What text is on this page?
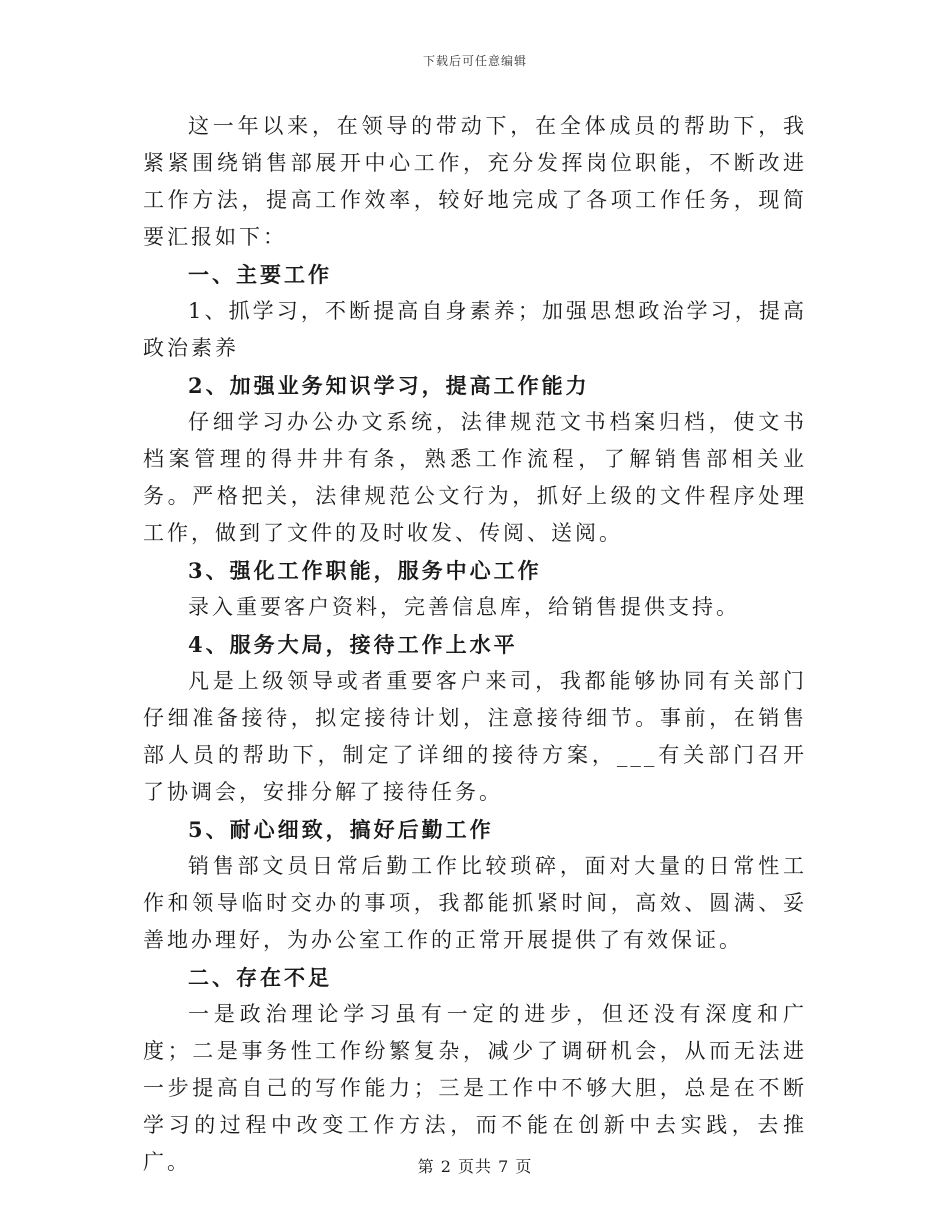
下载后可任意编辑

这一年以来，在领导的带动下，在全体成员的帮助下，我紧紧围绕销售部展开中心工作，充分发挥岗位职能，不断改进工作方法，提高工作效率，较好地完成了各项工作任务，现简要汇报如下：

一、主要工作

1、抓学习，不断提高自身素养；加强思想政治学习，提高政治素养

2、加强业务知识学习，提高工作能力

仔细学习办公办文系统，法律规范文书档案归档，使文书档案管理的得井井有条，熟悉工作流程，了解销售部相关业务。严格把关，法律规范公文行为，抓好上级的文件程序处理工作，做到了文件的及时收发、传阅、送阅。

3、强化工作职能，服务中心工作

录入重要客户资料，完善信息库，给销售提供支持。

4、服务大局，接待工作上水平

凡是上级领导或者重要客户来司，我都能够协同有关部门仔细准备接待，拟定接待计划，注意接待细节。事前，在销售部人员的帮助下，制定了详细的接待方案，___有关部门召开了协调会，安排分解了接待任务。

5、耐心细致，搞好后勤工作

销售部文员日常后勤工作比较琐碎，面对大量的日常性工作和领导临时交办的事项，我都能抓紧时间，高效、圆满、妥善地办理好，为办公室工作的正常开展提供了有效保证。

二、存在不足

一是政治理论学习虽有一定的进步，但还没有深度和广度；二是事务性工作纷繁复杂，减少了调研机会，从而无法进一步提高自己的写作能力；三是工作中不够大胆，总是在不断学习的过程中改变工作方法，而不能在创新中去实践，去推广。	第 2 页共 7 页
